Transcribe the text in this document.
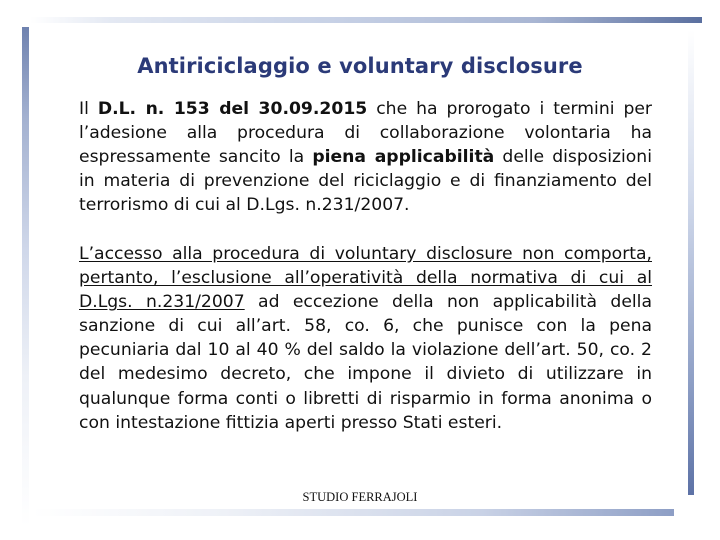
Antiriciclaggio e voluntary disclosure

Il D.L. n. 153 del 30.09.2015 che ha prorogato i termini per l’adesione alla procedura di collaborazione volontaria ha espressamente sancito la piena applicabilità delle disposizioni in materia di prevenzione del riciclaggio e di finanziamento del terrorismo di cui al D.Lgs. n.231/2007.

L’accesso alla procedura di voluntary disclosure non comporta, pertanto, l’esclusione all’operatività della normativa di cui al D.Lgs. n.231/2007 ad eccezione della non applicabilità della sanzione di cui all’art. 58, co. 6, che punisce con la pena pecuniaria dal 10 al 40 % del saldo la violazione dell’art. 50, co. 2 del medesimo decreto, che impone il divieto di utilizzare in qualunque forma conti o libretti di risparmio in forma anonima o con intestazione fittizia aperti presso Stati esteri.

STUDIO FERRAJOLI
